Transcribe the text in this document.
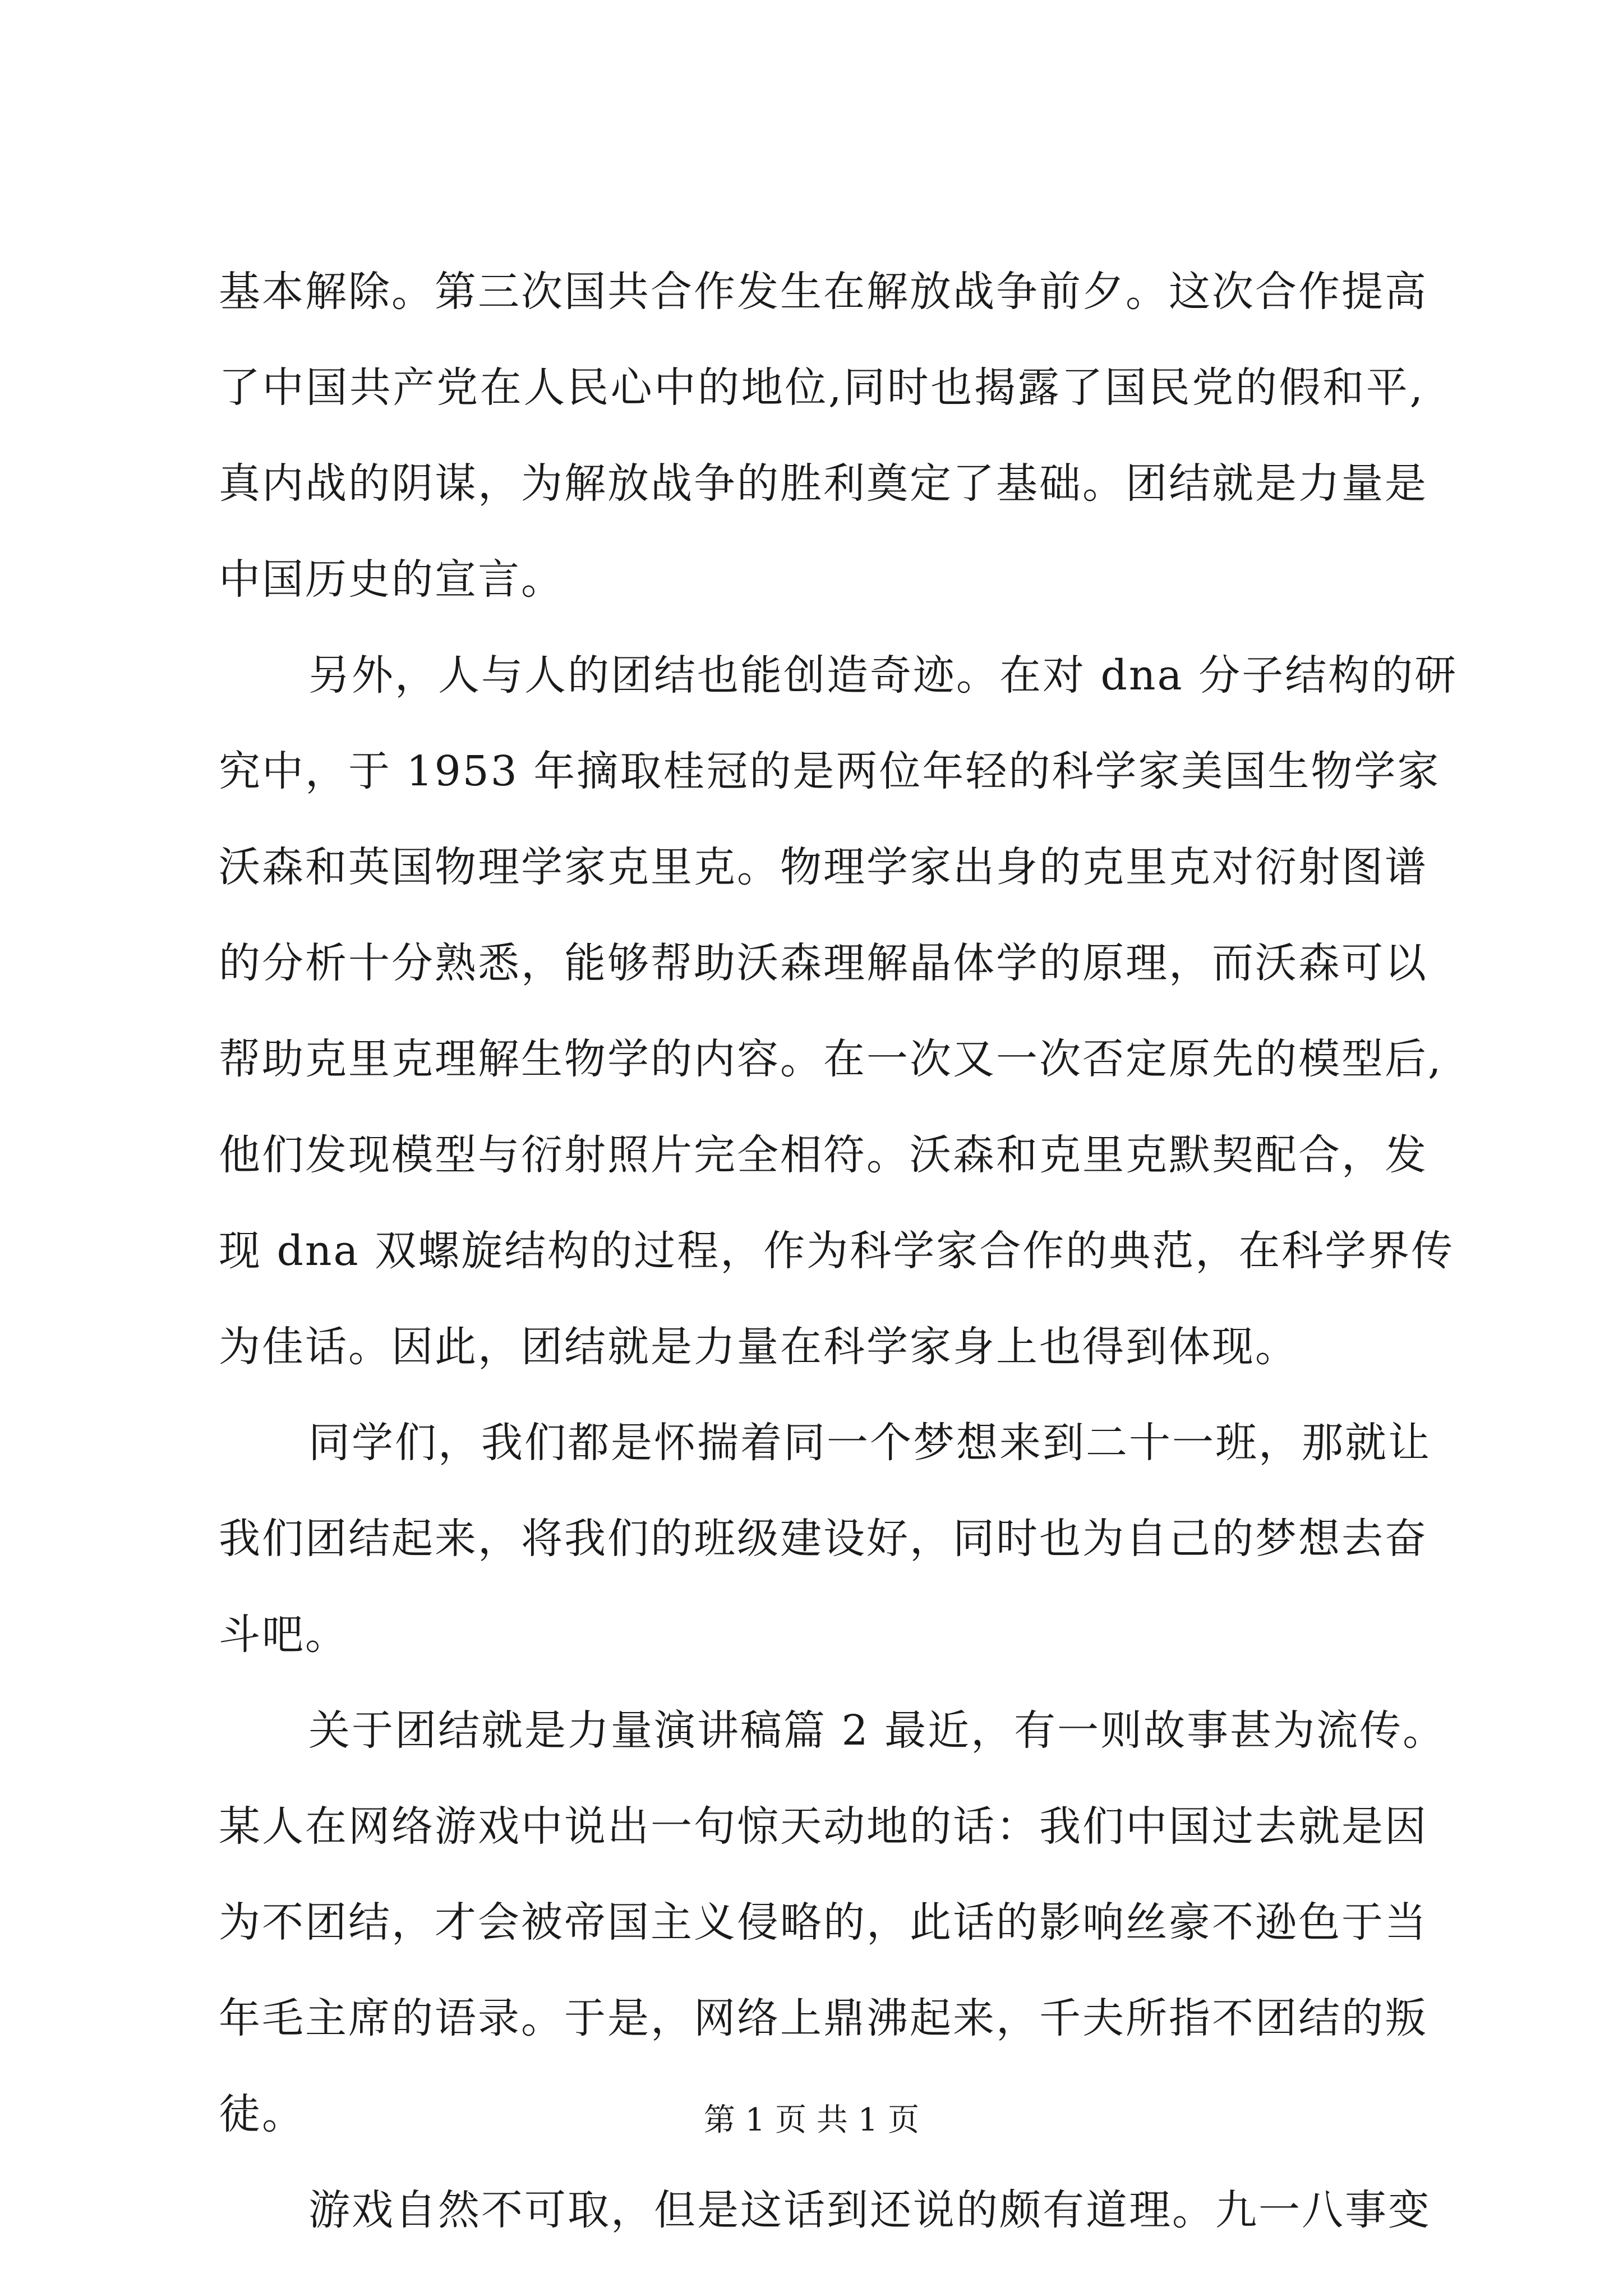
基本解除。第三次国共合作发生在解放战争前夕。这次合作提高
了中国共产党在人民心中的地位,同时也揭露了国民党的假和平,
真内战的阴谋，为解放战争的胜利奠定了基础。团结就是力量是
中国历史的宣言。
另外，人与人的团结也能创造奇迹。在对 dna 分子结构的研
究中，于 1953 年摘取桂冠的是两位年轻的科学家美国生物学家
沃森和英国物理学家克里克。物理学家出身的克里克对衍射图谱
的分析十分熟悉，能够帮助沃森理解晶体学的原理，而沃森可以
帮助克里克理解生物学的内容。在一次又一次否定原先的模型后,
他们发现模型与衍射照片完全相符。沃森和克里克默契配合，发
现 dna 双螺旋结构的过程，作为科学家合作的典范，在科学界传
为佳话。因此，团结就是力量在科学家身上也得到体现。
同学们，我们都是怀揣着同一个梦想来到二十一班，那就让
我们团结起来，将我们的班级建设好，同时也为自己的梦想去奋
斗吧。
关于团结就是力量演讲稿篇 2 最近，有一则故事甚为流传。
某人在网络游戏中说出一句惊天动地的话：我们中国过去就是因
为不团结，才会被帝国主义侵略的，此话的影响丝豪不逊色于当
年毛主席的语录。于是，网络上鼎沸起来，千夫所指不团结的叛
徒。
游戏自然不可取，但是这话到还说的颇有道理。九一八事变
第 1 页 共 1 页
